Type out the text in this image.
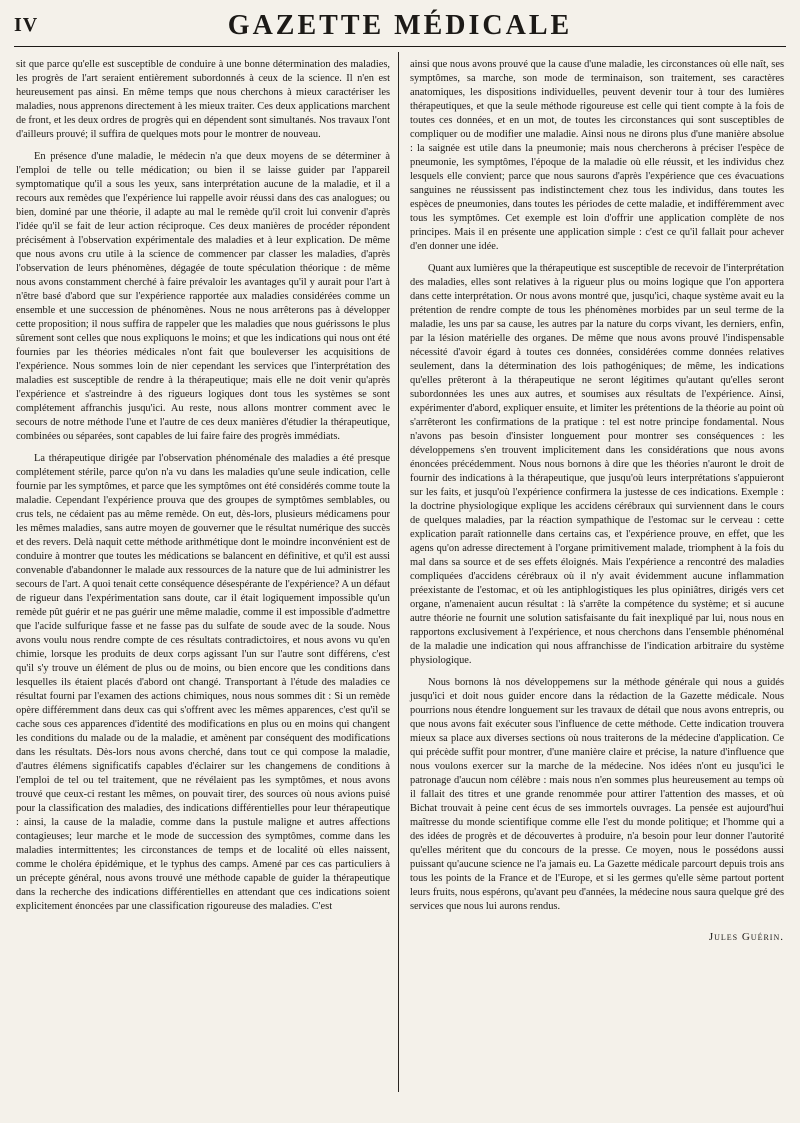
IV	GAZETTE MÉDICALE

sit que parce qu'elle est susceptible de conduire à une bonne détermination des maladies, les progrès de l'art seraient entièrement subordonnés à ceux de la science. Il n'en est heureusement pas ainsi. En même temps que nous cherchons à mieux caractériser les maladies, nous apprenons directement à les mieux traiter. Ces deux applications marchent de front, et les deux ordres de progrès qui en dépendent sont simultanés. Nos travaux l'ont d'ailleurs prouvé; il suffira de quelques mots pour le montrer de nouveau.

En présence d'une maladie, le médecin n'a que deux moyens de se déterminer à l'emploi de telle ou telle médication; ou bien il se laisse guider par l'appareil symptomatique qu'il a sous les yeux, sans interprétation aucune de la maladie, et il a recours aux remèdes que l'expérience lui rappelle avoir réussi dans des cas analogues; ou bien, dominé par une théorie, il adapte au mal le remède qu'il croit lui convenir d'après l'idée qu'il se fait de leur action réciproque. Ces deux manières de procéder répondent précisément à l'observation expérimentale des maladies et à leur explication. De même que nous avons cru utile à la science de commencer par classer les maladies, d'après l'observation de leurs phénomènes, dégagée de toute spéculation théorique : de même nous avons constamment cherché à faire prévaloir les avantages qu'il y aurait pour l'art à n'être basé d'abord que sur l'expérience rapportée aux maladies considérées comme un ensemble et une succession de phénomènes. Nous ne nous arrêterons pas à développer cette proposition; il nous suffira de rappeler que les maladies que nous guérissons le plus sûrement sont celles que nous expliquons le moins; et que les indications qui nous ont été fournies par les théories médicales n'ont fait que bouleverser les acquisitions de l'expérience. Nous sommes loin de nier cependant les services que l'interprétation des maladies est susceptible de rendre à la thérapeutique; mais elle ne doit venir qu'après l'expérience et s'astreindre à des rigueurs logiques dont tous les systèmes se sont complétement affranchis jusqu'ici. Au reste, nous allons montrer comment avec le secours de notre méthode l'une et l'autre de ces deux manières d'étudier la thérapeutique, combinées ou séparées, sont capables de lui faire faire des progrès immédiats.

La thérapeutique dirigée par l'observation phénoménale des maladies a été presque complétement stérile, parce qu'on n'a vu dans les maladies qu'une seule indication, celle fournie par les symptômes, et parce que les symptômes ont été considérés comme toute la maladie. Cependant l'expérience prouva que des groupes de symptômes semblables, ou crus tels, ne cédaient pas au même remède. On eut, dès-lors, plusieurs médicamens pour les mêmes maladies, sans autre moyen de gouverner que le résultat numérique des succès et des revers. Delà naquit cette méthode arithmétique dont le moindre inconvénient est de conduire à montrer que toutes les médications se balancent en définitive, et qu'il est aussi convenable d'abandonner le malade aux ressources de la nature que de lui administrer les secours de l'art. A quoi tenait cette conséquence désespérante de l'expérience? A un défaut de rigueur dans l'expérimentation sans doute, car il était logiquement impossible qu'un remède pût guérir et ne pas guérir une même maladie, comme il est impossible d'admettre que l'acide sulfurique fasse et ne fasse pas du sulfate de soude avec de la soude. Nous avons voulu nous rendre compte de ces résultats contradictoires, et nous avons vu qu'en chimie, lorsque les produits de deux corps agissant l'un sur l'autre sont différens, c'est qu'il s'y trouve un élément de plus ou de moins, ou bien encore que les conditions dans lesquelles ils étaient placés d'abord ont changé. Transportant à l'étude des maladies ce résultat fourni par l'examen des actions chimiques, nous nous sommes dit : Si un remède opère différemment dans deux cas qui s'offrent avec les mêmes apparences, c'est qu'il se cache sous ces apparences d'identité des modifications en plus ou en moins qui changent les conditions du malade ou de la maladie, et amènent par conséquent des modifications dans les résultats. Dès-lors nous avons cherché, dans tout ce qui compose la maladie, d'autres élémens significatifs capables d'éclairer sur les changemens de conditions à l'emploi de tel ou tel traitement, que ne révélaient pas les symptômes, et nous avons trouvé que ceux-ci restant les mêmes, on pouvait tirer, des sources où nous avions puisé pour la classification des maladies, des indications différentielles pour leur thérapeutique : ainsi, la cause de la maladie, comme dans la pustule maligne et autres affections contagieuses; leur marche et le mode de succession des symptômes, comme dans les maladies intermittentes; les circonstances de temps et de localité où elles naissent, comme le choléra épidémique, et le typhus des camps. Amené par ces cas particuliers à un précepte général, nous avons trouvé une méthode capable de guider la thérapeutique dans la recherche des indications différentielles en attendant que ces indications soient explicitement énoncées par une classification rigoureuse des maladies. C'est

ainsi que nous avons prouvé que la cause d'une maladie, les circonstances où elle naît, ses symptômes, sa marche, son mode de terminaison, son traitement, ses caractères anatomiques, les dispositions individuelles, peuvent devenir tour à tour des lumières thérapeutiques, et que la seule méthode rigoureuse est celle qui tient compte à la fois de toutes ces données, et en un mot, de toutes les circonstances qui sont susceptibles de compliquer ou de modifier une maladie. Ainsi nous ne dirons plus d'une manière absolue : la saignée est utile dans la pneumonie; mais nous chercherons à préciser l'espèce de pneumonie, les symptômes, l'époque de la maladie où elle réussit, et les individus chez lesquels elle convient; parce que nous saurons d'après l'expérience que ces évacuations sanguines ne réussissent pas indistinctement chez tous les individus, dans toutes les espèces de pneumonies, dans toutes les périodes de cette maladie, et indifféremment avec tous les symptômes. Cet exemple est loin d'offrir une application complète de nos principes. Mais il en présente une application simple : c'est ce qu'il fallait pour achever d'en donner une idée.

Quant aux lumières que la thérapeutique est susceptible de recevoir de l'interprétation des maladies, elles sont relatives à la rigueur plus ou moins logique que l'on apportera dans cette interprétation. Or nous avons montré que, jusqu'ici, chaque système avait eu la prétention de rendre compte de tous les phénomènes morbides par un seul terme de la maladie, les uns par sa cause, les autres par la nature du corps vivant, les derniers, enfin, par la lésion matérielle des organes. De même que nous avons prouvé l'indispensable nécessité d'avoir égard à toutes ces données, considérées comme données relatives seulement, dans la détermination des lois pathogéniques; de même, les indications qu'elles prêteront à la thérapeutique ne seront légitimes qu'autant qu'elles seront subordonnées les unes aux autres, et soumises aux résultats de l'expérience. Ainsi, expérimenter d'abord, expliquer ensuite, et limiter les prétentions de la théorie au point où s'arrêteront les confirmations de la pratique : tel est notre principe fondamental. Nous n'avons pas besoin d'insister longuement pour montrer ses conséquences : les développemens s'en trouvent implicitement dans les considérations que nous avons énoncées précédemment. Nous nous bornons à dire que les théories n'auront le droit de fournir des indications à la thérapeutique, que jusqu'où leurs interprétations s'appuieront sur les faits, et jusqu'où l'expérience confirmera la justesse de ces indications. Exemple : la doctrine physiologique explique les accidens cérébraux qui surviennent dans le cours de quelques maladies, par la réaction sympathique de l'estomac sur le cerveau : cette explication paraît rationnelle dans certains cas, et l'expérience prouve, en effet, que les agens qu'on adresse directement à l'organe primitivement malade, triomphent à la fois du mal dans sa source et de ses effets éloignés. Mais l'expérience a rencontré des maladies compliquées d'accidens cérébraux où il n'y avait évidemment aucune inflammation préexistante de l'estomac, et où les antiphlogistiques les plus opiniâtres, dirigés vers cet organe, n'amenaient aucun résultat : là s'arrête la compétence du système; et si aucune autre théorie ne fournit une solution satisfaisante du fait inexpliqué par lui, nous nous en rapportons exclusivement à l'expérience, et nous cherchons dans l'ensemble phénoménal de la maladie une indication qui nous affranchisse de l'indication arbitraire du système physiologique.

Nous bornons là nos développemens sur la méthode générale qui nous a guidés jusqu'ici et doit nous guider encore dans la rédaction de la Gazette médicale. Nous pourrions nous étendre longuement sur les travaux de détail que nous avons entrepris, ou que nous avons fait exécuter sous l'influence de cette méthode. Cette indication trouvera mieux sa place aux diverses sections où nous traiterons de la médecine d'application. Ce qui précède suffit pour montrer, d'une manière claire et précise, la nature d'influence que nous voulons exercer sur la marche de la médecine. Nos idées n'ont eu jusqu'ici le patronage d'aucun nom célèbre : mais nous n'en sommes plus heureusement au temps où il fallait des titres et une grande renommée pour attirer l'attention des masses, et où Bichat trouvait à peine cent écus de ses immortels ouvrages. La pensée est aujourd'hui maîtresse du monde scientifique comme elle l'est du monde politique; et l'homme qui a des idées de progrès et de découvertes à produire, n'a besoin pour leur donner l'autorité qu'elles méritent que du concours de la presse. Ce moyen, nous le possédons aussi puissant qu'aucune science ne l'a jamais eu. La Gazette médicale parcourt depuis trois ans tous les points de la France et de l'Europe, et si les germes qu'elle sème partout portent leurs fruits, nous espérons, qu'avant peu d'années, la médecine nous saura quelque gré des services que nous lui aurons rendus.

Jules Guérin.
